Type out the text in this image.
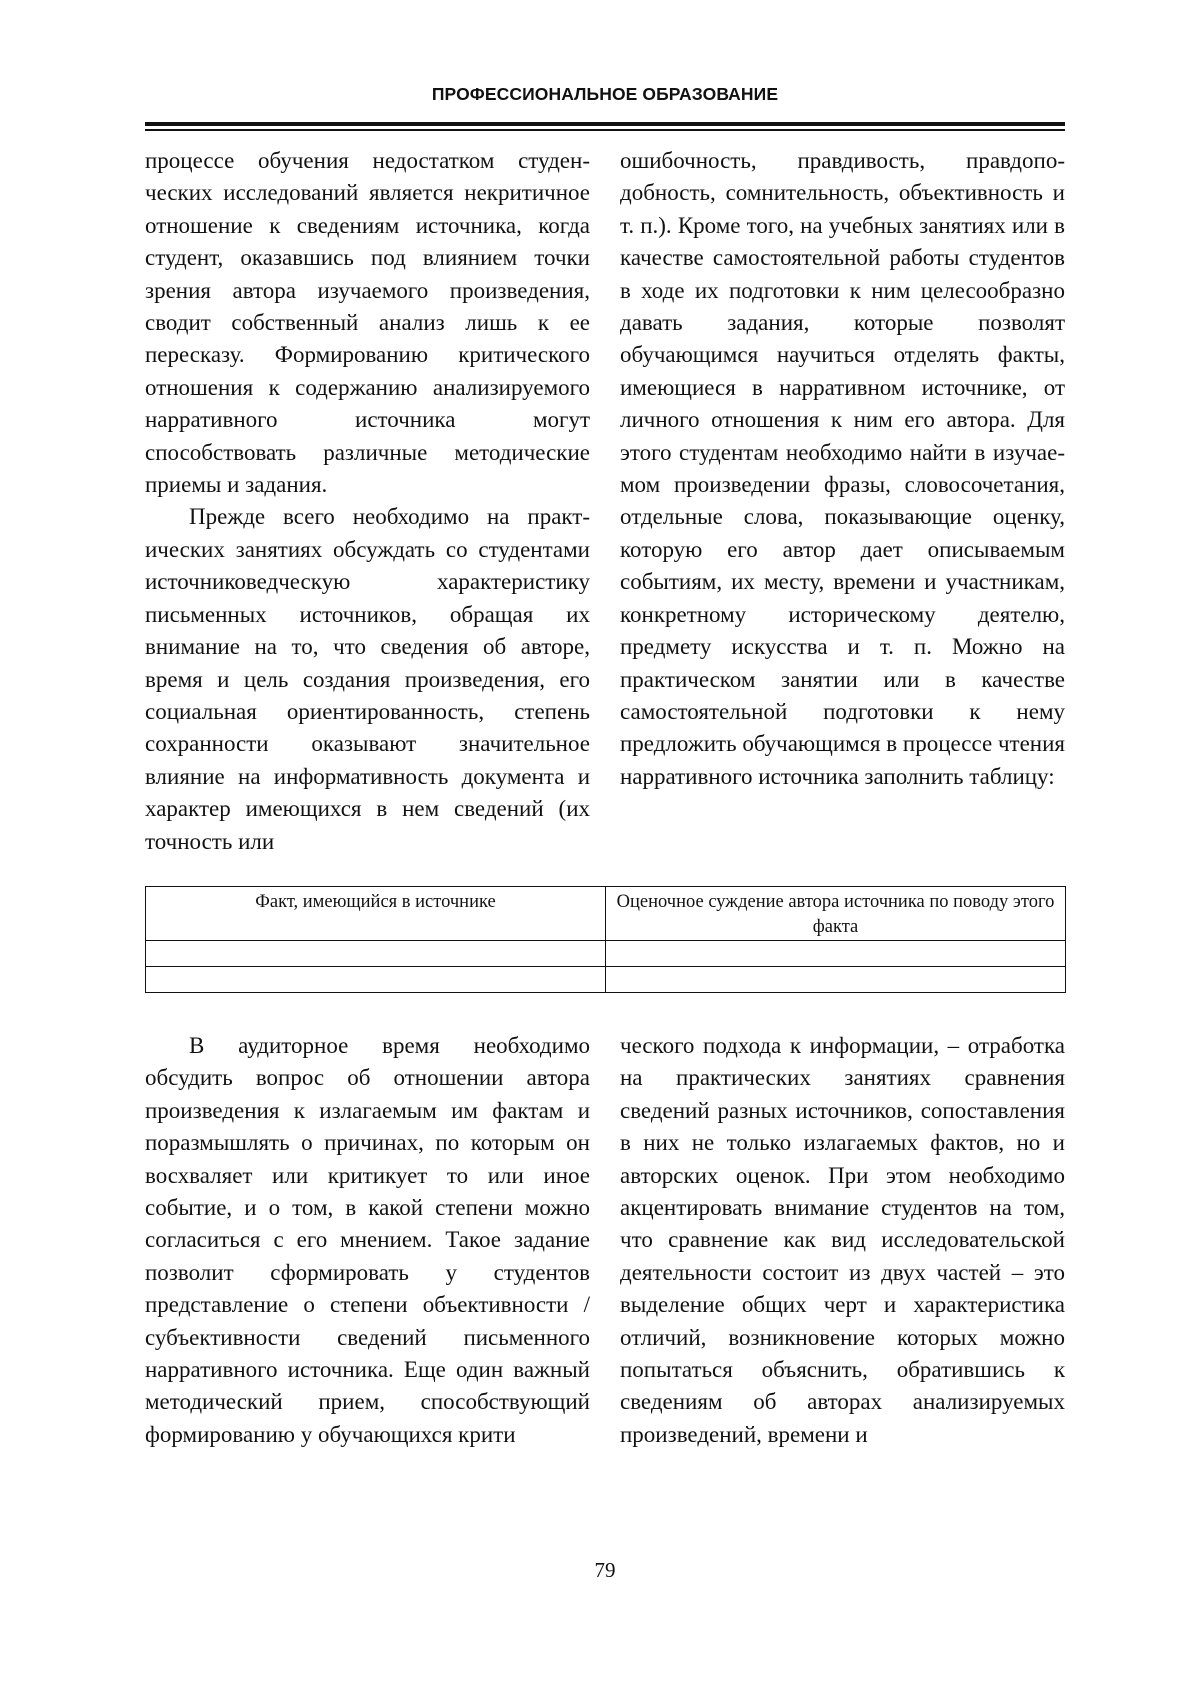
ПРОФЕССИОНАЛЬНОЕ ОБРАЗОВАНИЕ

процессе обучения недостатком студенческих исследований является некритичное отношение к сведениям источника, когда студент, оказавшись под влиянием точки зрения автора изучаемого произведения, сводит собственный анализ лишь к ее пересказу. Формированию критического отношения к содержанию анализируемого нарративного источника могут способствовать различные методические приемы и задания.

Прежде всего необходимо на практических занятиях обсуждать со студентами источниковедческую характеристику письменных источников, обращая их внимание на то, что сведения об авторе, время и цель создания произведения, его социальная ориентированность, степень сохранности оказывают значительное влияние на информативность документа и характер имеющихся в нем сведений (их точность или

ошибочность, правдивость, правдоподобность, сомнительность, объективность и т. п.). Кроме того, на учебных занятиях или в качестве самостоятельной работы студентов в ходе их подготовки к ним целесообразно давать задания, которые позволят обучающимся научиться отделять факты, имеющиеся в нарративном источнике, от личного отношения к ним его автора. Для этого студентам необходимо найти в изучаемом произведении фразы, словосочетания, отдельные слова, показывающие оценку, которую его автор дает описываемым событиям, их месту, времени и участникам, конкретному историческому деятелю, предмету искусства и т. п. Можно на практическом занятии или в качестве самостоятельной подготовки к нему предложить обучающимся в процессе чтения нарративного источника заполнить таблицу:

Факт, имеющийся в источнике	Оценочное суждение автора источника по поводу этого факта

В аудиторное время необходимо обсудить вопрос об отношении автора произведения к излагаемым им фактам и поразмышлять о причинах, по которым он восхваляет или критикует то или иное событие, и о том, в какой степени можно согласиться с его мнением. Такое задание позволит сформировать у студентов представление о степени объективности / субъективности сведений письменного нарративного источника. Еще один важный методический прием, способствующий формированию у обучающихся крити

ческого подхода к информации, – отработка на практических занятиях сравнения сведений разных источников, сопоставления в них не только излагаемых фактов, но и авторских оценок. При этом необходимо акцентировать внимание студентов на том, что сравнение как вид исследовательской деятельности состоит из двух частей – это выделение общих черт и характеристика отличий, возникновение которых можно попытаться объяснить, обратившись к сведениям об авторах анализируемых произведений, времени и

79
